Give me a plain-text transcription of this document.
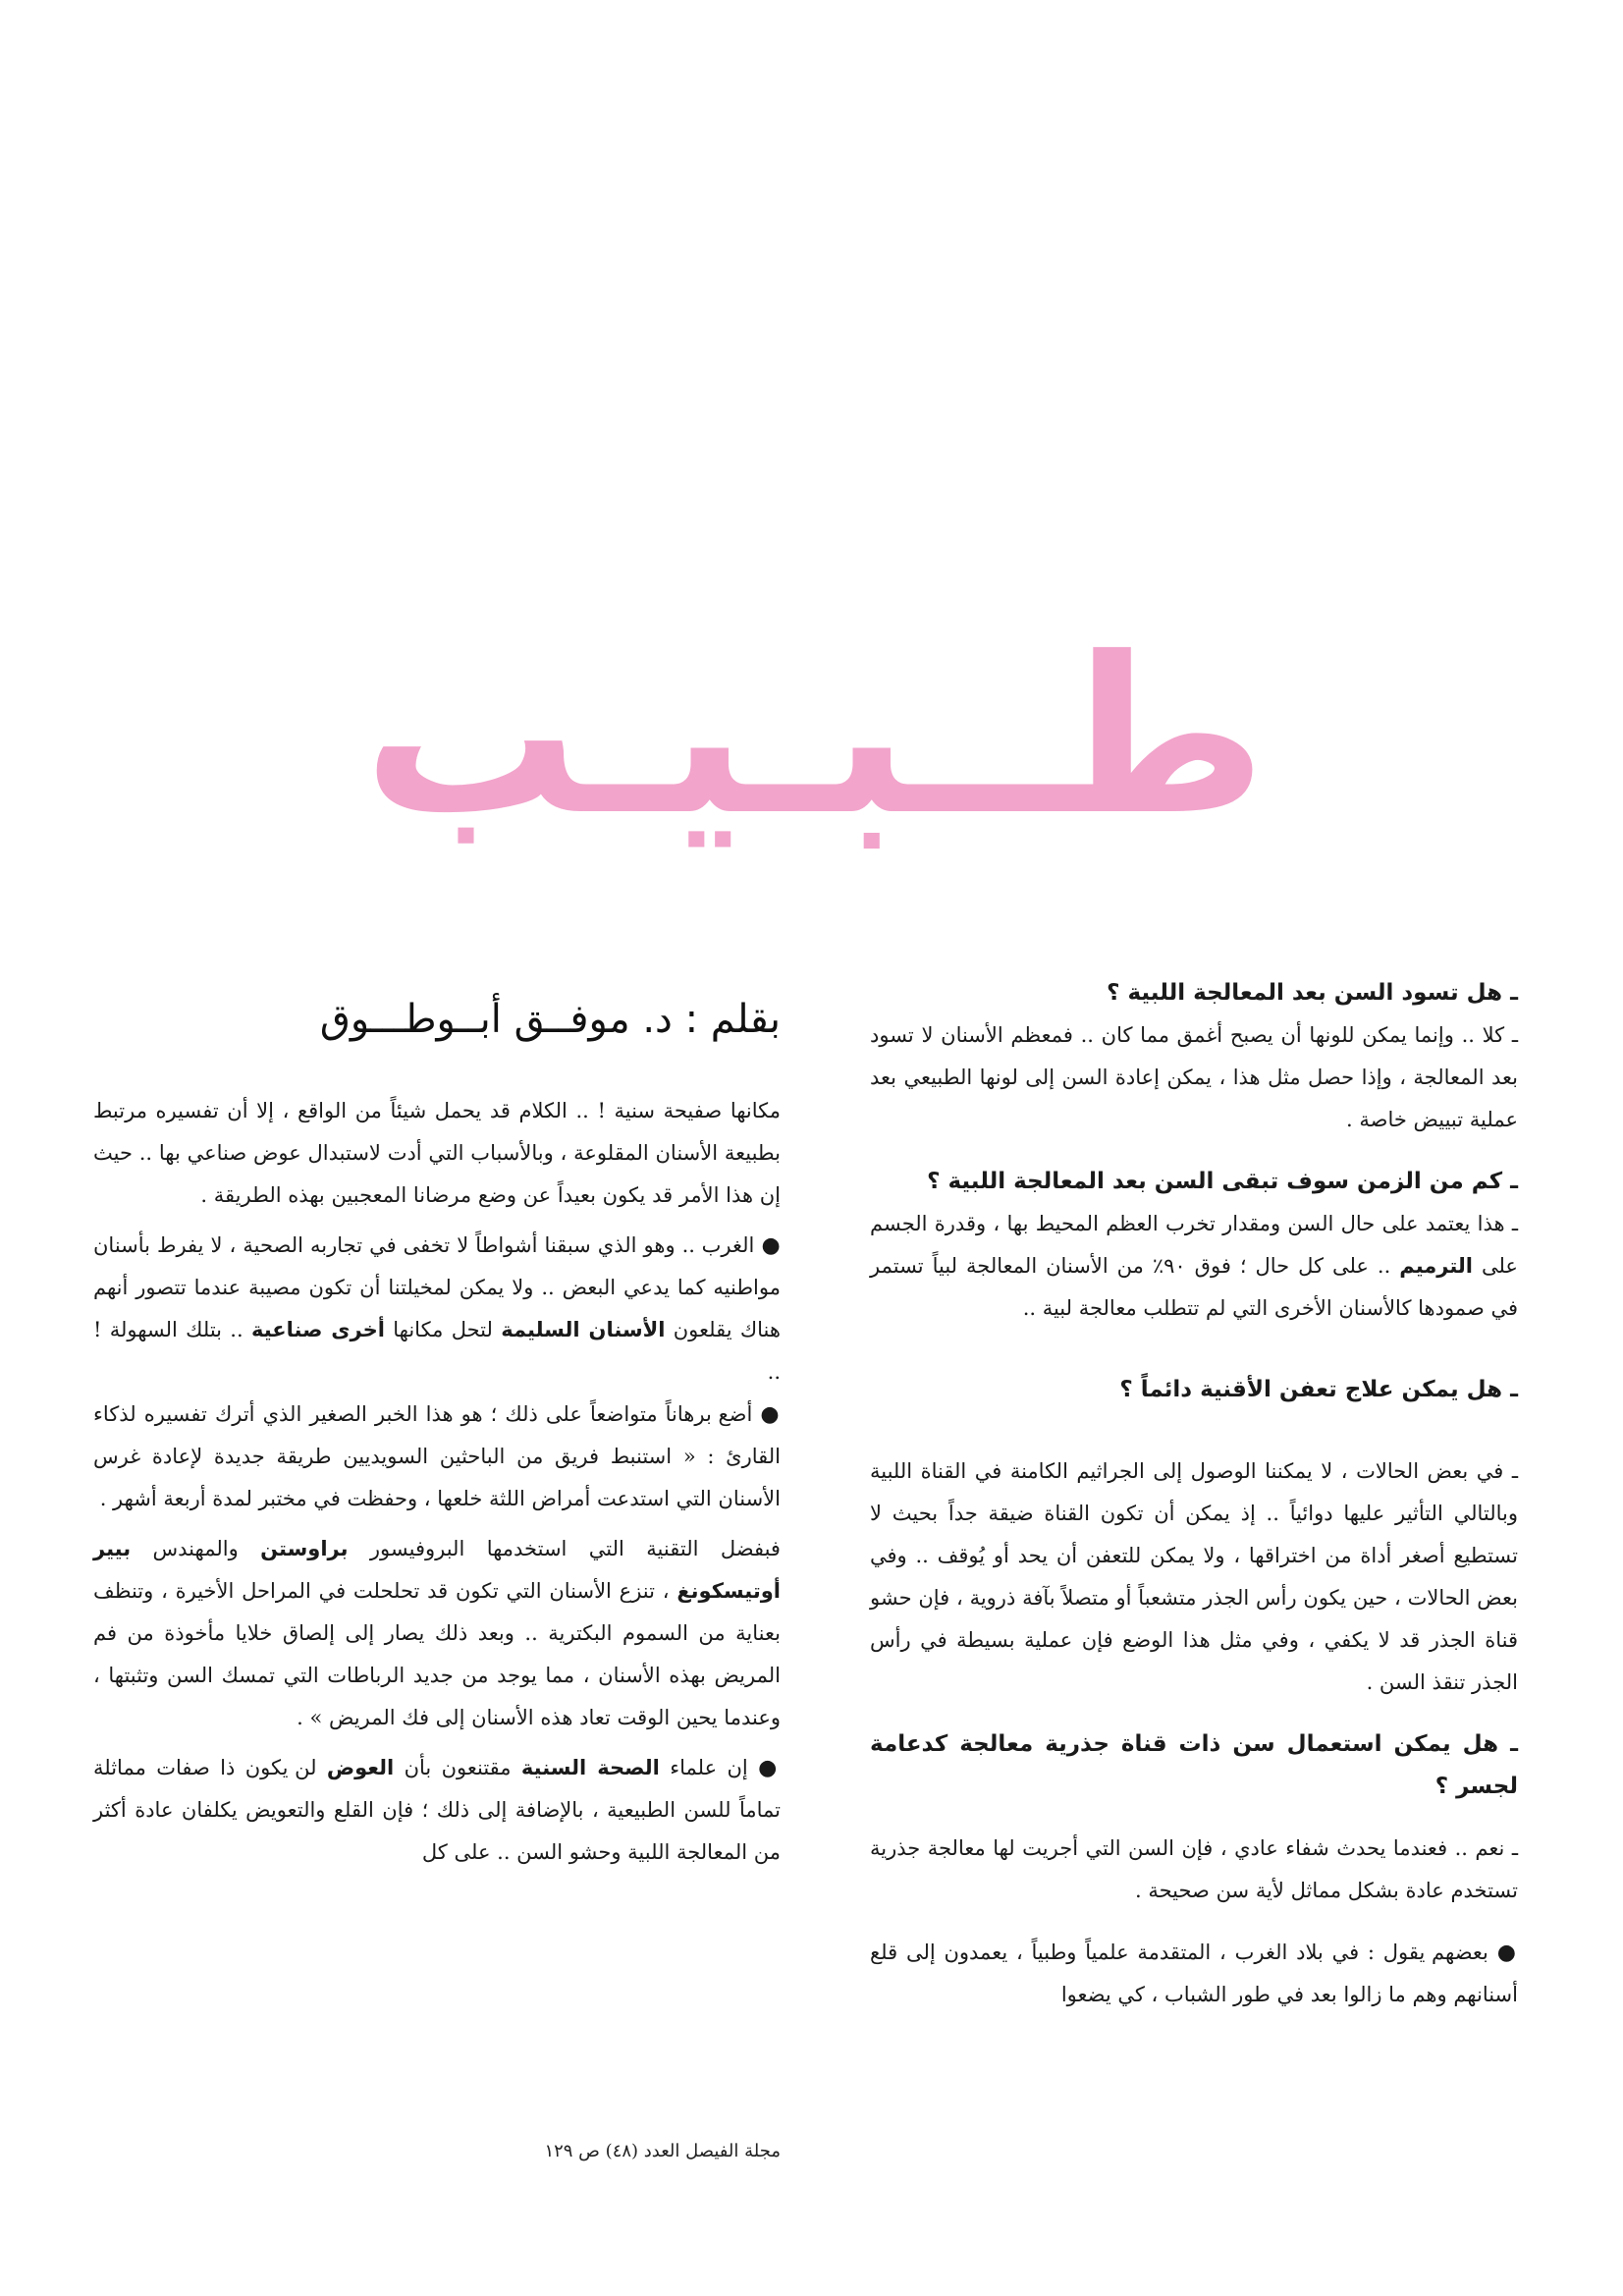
طــبـيـب
بقلم : د. موفــق أبــوطـــوق

ـ هل تسود السن بعد المعالجة اللبية ؟

ـ كلا .. وإنما يمكن للونها أن يصبح أغمق مما كان .. فمعظم الأسنان لا تسود بعد المعالجة ، وإذا حصل مثل هذا ، يمكن إعادة السن إلى لونها الطبيعي بعد عملية تبييض خاصة .

ـ كم من الزمن سوف تبقى السن بعد المعالجة اللبية ؟

ـ هذا يعتمد على حال السن ومقدار تخرب العظم المحيط بها ، وقدرة الجسم على الترميم .. على كل حال ؛ فوق ٩٠٪ من الأسنان المعالجة لبياً تستمر في صمودها كالأسنان الأخرى التي لم تتطلب معالجة لبية ..

ـ هل يمكن علاج تعفن الأقنية دائماً ؟

ـ في بعض الحالات ، لا يمكننا الوصول إلى الجراثيم الكامنة في القناة اللبية وبالتالي التأثير عليها دوائياً .. إذ يمكن أن تكون القناة ضيقة جداً بحيث لا تستطيع أصغر أداة من اختراقها ، ولا يمكن للتعفن أن يحد أو يُوقف .. وفي بعض الحالات ، حين يكون رأس الجذر متشعباً أو متصلاً بآفة ذروية ، فإن حشو قناة الجذر قد لا يكفي ، وفي مثل هذا الوضع فإن عملية بسيطة في رأس الجذر تنقذ السن .

ـ هل يمكن استعمال سن ذات قناة جذرية معالجة كدعامة لجسر ؟

ـ نعم .. فعندما يحدث شفاء عادي ، فإن السن التي أجريت لها معالجة جذرية تستخدم عادة بشكل مماثل لأية سن صحيحة .

● بعضهم يقول : في بلاد الغرب ، المتقدمة علمياً وطبياً ، يعمدون إلى قلع أسنانهم وهم ما زالوا بعد في طور الشباب ، كي يضعوا

مكانها صفيحة سنية ! .. الكلام قد يحمل شيئاً من الواقع ، إلا أن تفسيره مرتبط بطبيعة الأسنان المقلوعة ، وبالأسباب التي أدت لاستبدال عوض صناعي بها .. حيث إن هذا الأمر قد يكون بعيداً عن وضع مرضانا المعجبين بهذه الطريقة .

● الغرب .. وهو الذي سبقنا أشواطاً لا تخفى في تجاربه الصحية ، لا يفرط بأسنان مواطنيه كما يدعي البعض .. ولا يمكن لمخيلتنا أن تكون مصيبة عندما تتصور أنهم هناك يقلعون الأسنان السليمة لتحل مكانها أخرى صناعية .. بتلك السهولة ! ..

● أضع برهاناً متواضعاً على ذلك ؛ هو هذا الخبر الصغير الذي أترك تفسيره لذكاء القارئ : « استنبط فريق من الباحثين السويديين طريقة جديدة لإعادة غرس الأسنان التي استدعت أمراض اللثة خلعها ، وحفظت في مختبر لمدة أربعة أشهر .

فبفضل التقنية التي استخدمها البروفيسور براوستن والمهندس بيير أوتيسكونغ ، تنزع الأسنان التي تكون قد تحلحلت في المراحل الأخيرة ، وتنظف بعناية من السموم البكترية .. وبعد ذلك يصار إلى إلصاق خلايا مأخوذة من فم المريض بهذه الأسنان ، مما يوجد من جديد الرباطات التي تمسك السن وتثبتها ، وعندما يحين الوقت تعاد هذه الأسنان إلى فك المريض » .

● إن علماء الصحة السنية مقتنعون بأن العوض لن يكون ذا صفات مماثلة تماماً للسن الطبيعية ، بالإضافة إلى ذلك ؛ فإن القلع والتعويض يكلفان عادة أكثر من المعالجة اللبية وحشو السن .. على كل

مجلة الفيصل العدد (٤٨) ص ١٢٩
